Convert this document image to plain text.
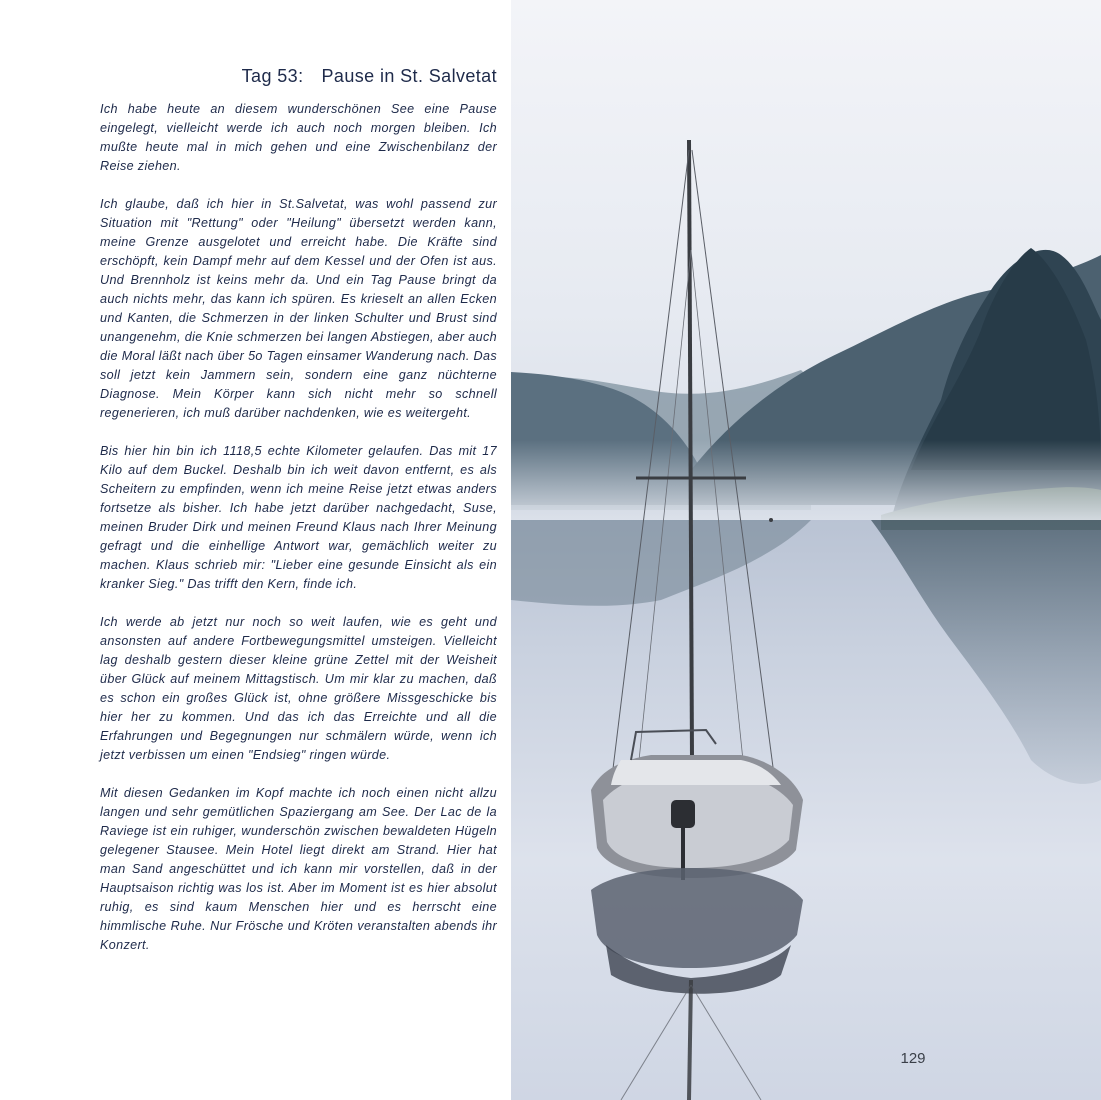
Tag 53: Pause in St. Salvetat

Ich habe heute an diesem wunderschönen See eine Pause eingelegt, vielleicht werde ich auch noch morgen bleiben. Ich mußte heute mal in mich gehen und eine Zwischenbilanz der Reise ziehen.

Ich glaube, daß ich hier in St.Salvetat, was wohl passend zur Situation mit "Rettung" oder "Heilung" übersetzt werden kann, meine Grenze ausgelotet und erreicht habe. Die Kräfte sind erschöpft, kein Dampf mehr auf dem Kessel und der Ofen ist aus. Und Brennholz ist keins mehr da. Und ein Tag Pause bringt da auch nichts mehr, das kann ich spüren. Es krieselt an allen Ecken und Kanten, die Schmerzen in der linken Schulter und Brust sind unangenehm, die Knie schmerzen bei langen Abstiegen, aber auch die Moral läßt nach über 5o Tagen einsamer Wanderung nach. Das soll jetzt kein Jammern sein, sondern eine ganz nüchterne Diagnose. Mein Körper kann sich nicht mehr so schnell regenerieren, ich muß darüber nachdenken, wie es weitergeht.

Bis hier hin bin ich 1118,5 echte Kilometer gelaufen. Das mit 17 Kilo auf dem Buckel. Deshalb bin ich weit davon entfernt, es als Scheitern zu empfinden, wenn ich meine Reise jetzt etwas anders fortsetze als bisher. Ich habe jetzt darüber nachgedacht, Suse, meinen Bruder Dirk und meinen Freund Klaus nach Ihrer Meinung gefragt und die einhellige Antwort war, gemächlich weiter zu machen. Klaus schrieb mir: "Lieber eine gesunde Einsicht als ein kranker Sieg." Das trifft den Kern, finde ich.

Ich werde ab jetzt nur noch so weit laufen, wie es geht und ansonsten auf andere Fortbewegungsmittel umsteigen. Vielleicht lag deshalb gestern dieser kleine grüne Zettel mit der Weisheit über Glück auf meinem Mittagstisch. Um mir klar zu machen, daß es schon ein großes Glück ist, ohne größere Missgeschicke bis hier her zu kommen. Und das ich das Erreichte und all die Erfahrungen und Begegnungen nur schmälern würde, wenn ich jetzt verbissen um einen "Endsieg" ringen würde.

Mit diesen Gedanken im Kopf machte ich noch einen nicht allzu langen und sehr gemütlichen Spaziergang am See. Der Lac de la Raviege ist ein ruhiger, wunderschön zwischen bewaldeten Hügeln gelegener Stausee. Mein Hotel liegt direkt am Strand. Hier hat man Sand angeschüttet und ich kann mir vorstellen, daß in der Hauptsaison richtig was los ist. Aber im Moment ist es hier absolut ruhig, es sind kaum Menschen hier und es herrscht eine himmlische Ruhe. Nur Frösche und Kröten veranstalten abends ihr Konzert.

129
